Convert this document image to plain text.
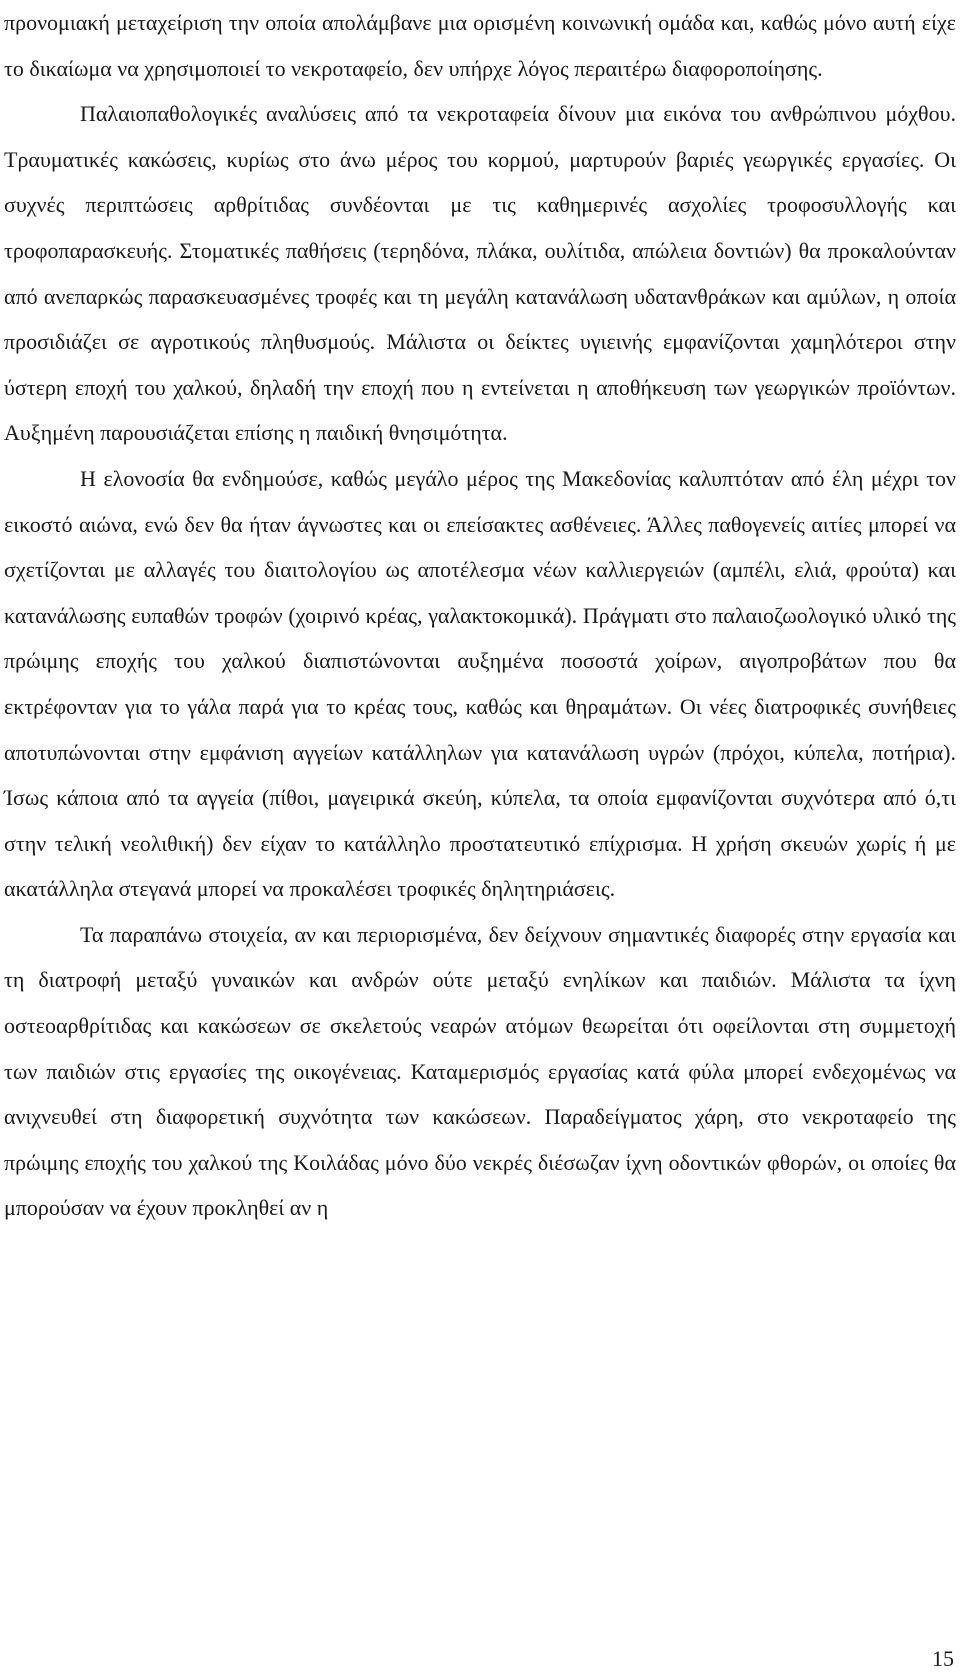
προνομιακή μεταχείριση την οποία απολάμβανε μια ορισμένη κοινωνική ομάδα και, καθώς μόνο αυτή είχε το δικαίωμα να χρησιμοποιεί το νεκροταφείο, δεν υπήρχε λόγος περαιτέρω διαφοροποίησης.

Παλαιοπαθολογικές αναλύσεις από τα νεκροταφεία δίνουν μια εικόνα του ανθρώπινου μόχθου. Τραυματικές κακώσεις, κυρίως στο άνω μέρος του κορμού, μαρτυρούν βαριές γεωργικές εργασίες. Οι συχνές περιπτώσεις αρθρίτιδας συνδέονται με τις καθημερινές ασχολίες τροφοσυλλογής και τροφοπαρασκευής. Στοματικές παθήσεις (τερηδόνα, πλάκα, ουλίτιδα, απώλεια δοντιών) θα προκαλούνταν από ανεπαρκώς παρασκευασμένες τροφές και τη μεγάλη κατανάλωση υδατανθράκων και αμύλων, η οποία προσιδιάζει σε αγροτικούς πληθυσμούς. Μάλιστα οι δείκτες υγιεινής εμφανίζονται χαμηλότεροι στην ύστερη εποχή του χαλκού, δηλαδή την εποχή που η εντείνεται η αποθήκευση των γεωργικών προϊόντων. Αυξημένη παρουσιάζεται επίσης η παιδική θνησιμότητα.

Η ελονοσία θα ενδημούσε, καθώς μεγάλο μέρος της Μακεδονίας καλυπτόταν από έλη μέχρι τον εικοστό αιώνα, ενώ δεν θα ήταν άγνωστες και οι επείσακτες ασθένειες. Άλλες παθογενείς αιτίες μπορεί να σχετίζονται με αλλαγές του διαιτολογίου ως αποτέλεσμα νέων καλλιεργειών (αμπέλι, ελιά, φρούτα) και κατανάλωσης ευπαθών τροφών (χοιρινό κρέας, γαλακτοκομικά). Πράγματι στο παλαιοζωολογικό υλικό της πρώιμης εποχής του χαλκού διαπιστώνονται αυξημένα ποσοστά χοίρων, αιγοπροβάτων που θα εκτρέφονταν για το γάλα παρά για το κρέας τους, καθώς και θηραμάτων. Οι νέες διατροφικές συνήθειες αποτυπώνονται στην εμφάνιση αγγείων κατάλληλων για κατανάλωση υγρών (πρόχοι, κύπελα, ποτήρια). Ίσως κάποια από τα αγγεία (πίθοι, μαγειρικά σκεύη, κύπελα, τα οποία εμφανίζονται συχνότερα από ό,τι στην τελική νεολιθική) δεν είχαν το κατάλληλο προστατευτικό επίχρισμα. Η χρήση σκευών χωρίς ή με ακατάλληλα στεγανά μπορεί να προκαλέσει τροφικές δηλητηριάσεις.

Τα παραπάνω στοιχεία, αν και περιορισμένα, δεν δείχνουν σημαντικές διαφορές στην εργασία και τη διατροφή μεταξύ γυναικών και ανδρών ούτε μεταξύ ενηλίκων και παιδιών. Μάλιστα τα ίχνη οστεοαρθρίτιδας και κακώσεων σε σκελετούς νεαρών ατόμων θεωρείται ότι οφείλονται στη συμμετοχή των παιδιών στις εργασίες της οικογένειας. Καταμερισμός εργασίας κατά φύλα μπορεί ενδεχομένως να ανιχνευθεί στη διαφορετική συχνότητα των κακώσεων. Παραδείγματος χάρη, στο νεκροταφείο της πρώιμης εποχής του χαλκού της Κοιλάδας μόνο δύο νεκρές διέσωζαν ίχνη οδοντικών φθορών, οι οποίες θα μπορούσαν να έχουν προκληθεί αν η

15
